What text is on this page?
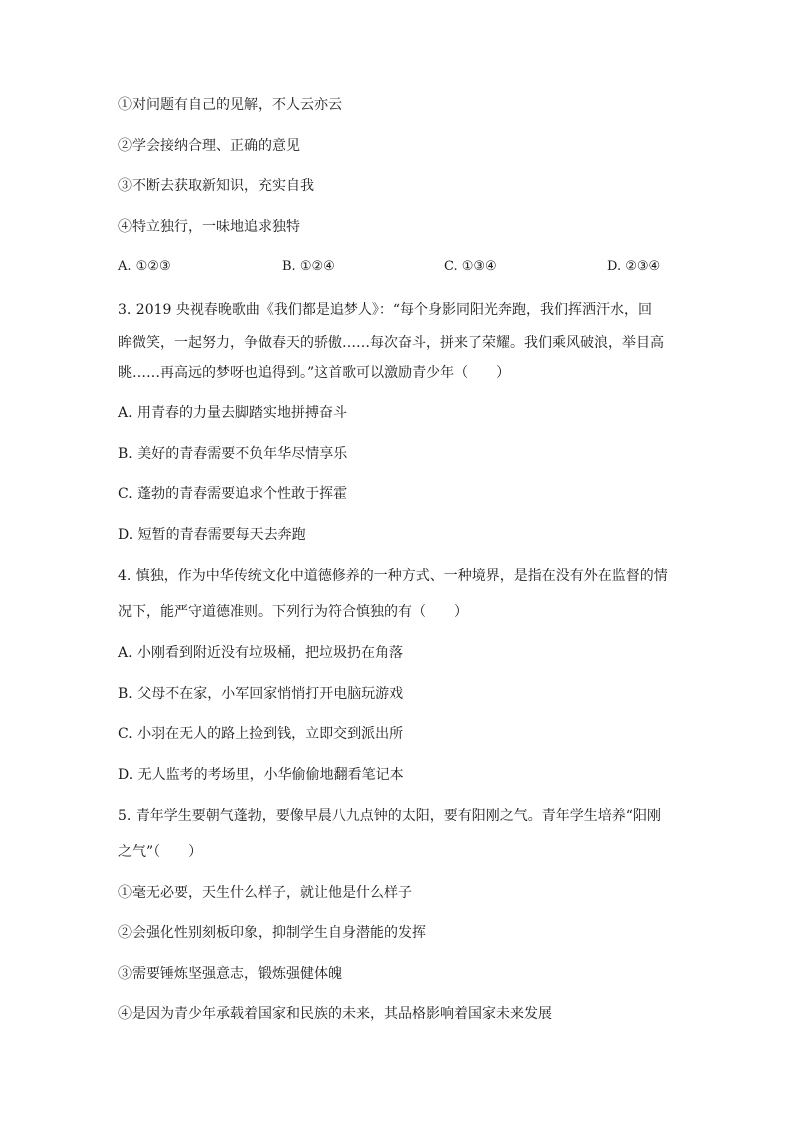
①对问题有自己的见解，不人云亦云
②学会接纳合理、正确的意见
③不断去获取新知识，充实自我
④特立独行，一味地追求独特
A. ①②③	B. ①②④	C. ①③④	D. ②③④
3. 2019 央视春晚歌曲《我们都是追梦人》：“每个身影同阳光奔跑，我们挥洒汗水，回
眸微笑，一起努力，争做春天的骄傲……每次奋斗，拼来了荣耀。我们乘风破浪，举目高
眺……再高远的梦呀也追得到。”这首歌可以激励青少年（　　）
A. 用青春的力量去脚踏实地拼搏奋斗
B. 美好的青春需要不负年华尽情享乐
C. 蓬勃的青春需要追求个性敢于挥霍
D. 短暂的青春需要每天去奔跑
4. 慎独，作为中华传统文化中道德修养的一种方式、一种境界，是指在没有外在监督的情
况下，能严守道德准则。下列行为符合慎独的有（　　）
A. 小刚看到附近没有垃圾桶，把垃圾扔在角落
B. 父母不在家，小军回家悄悄打开电脑玩游戏
C. 小羽在无人的路上捡到钱，立即交到派出所
D. 无人监考的考场里，小华偷偷地翻看笔记本
5. 青年学生要朝气蓬勃，要像早晨八九点钟的太阳，要有阳刚之气。青年学生培养“阳刚
之气”（　　）
①毫无必要，天生什么样子，就让他是什么样子
②会强化性别刻板印象，抑制学生自身潜能的发挥
③需要锤炼坚强意志，锻炼强健体魄
④是因为青少年承载着国家和民族的未来，其品格影响着国家未来发展
